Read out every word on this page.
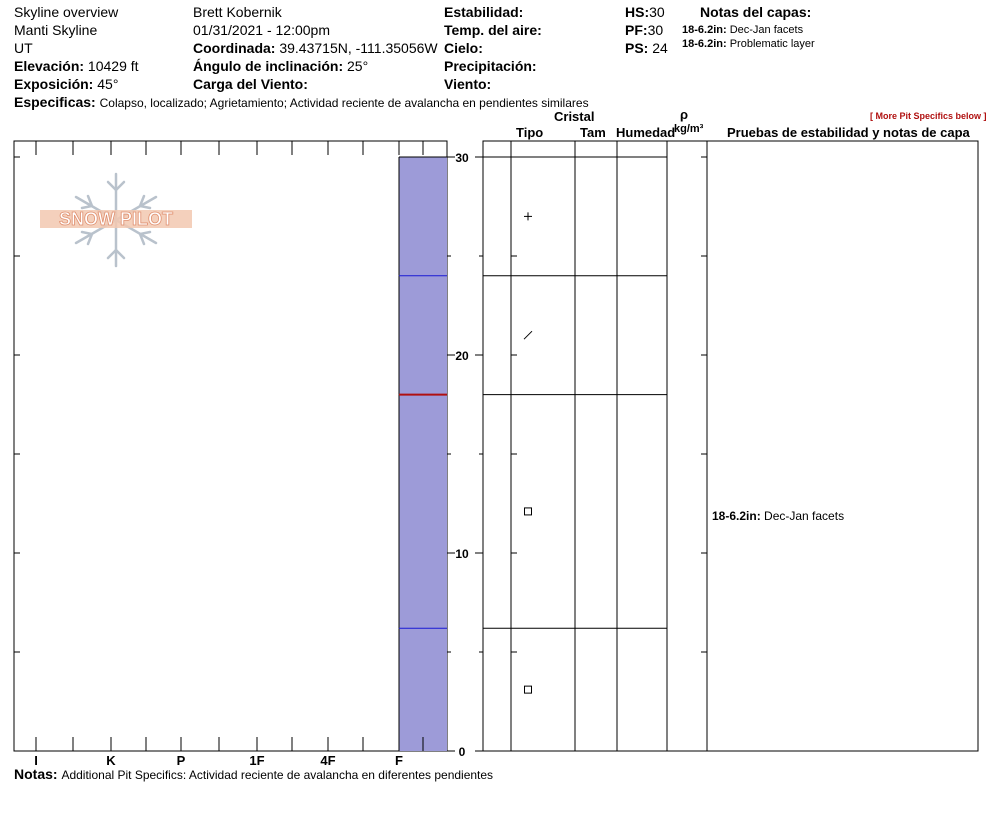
Skyline overview
Manti Skyline
UT
Elevación: 10429 ft
Exposición: 45°
Brett Kobernik
01/31/2021 - 12:00pm
Coordinada: 39.43715N, -111.35056W
Ángulo de inclinación: 25°
Carga del Viento:
Estabilidad:
Temp. del aire:
Cielo:
Precipitación:
Viento:
HS:30
PF:30
PS: 24
Notas del capas:
18-6.2in: Dec-Jan facets
18-6.2in: Problematic layer
Especificas: Colapso, localizado; Agrietamiento; Actividad reciente de avalancha en pendientes similares
[ More Pit Specifics below ]
Cristal
Tipo	Tam Humedad
ρ
kg/m³ Pruebas de estabilidad y notas de capa
SNOW PILOT
0
10
20
30
I	K	P	1F	4F	F
18-6.2in: Dec-Jan facets
Notas: Additional Pit Specifics: Actividad reciente de avalancha en diferentes pendientes
